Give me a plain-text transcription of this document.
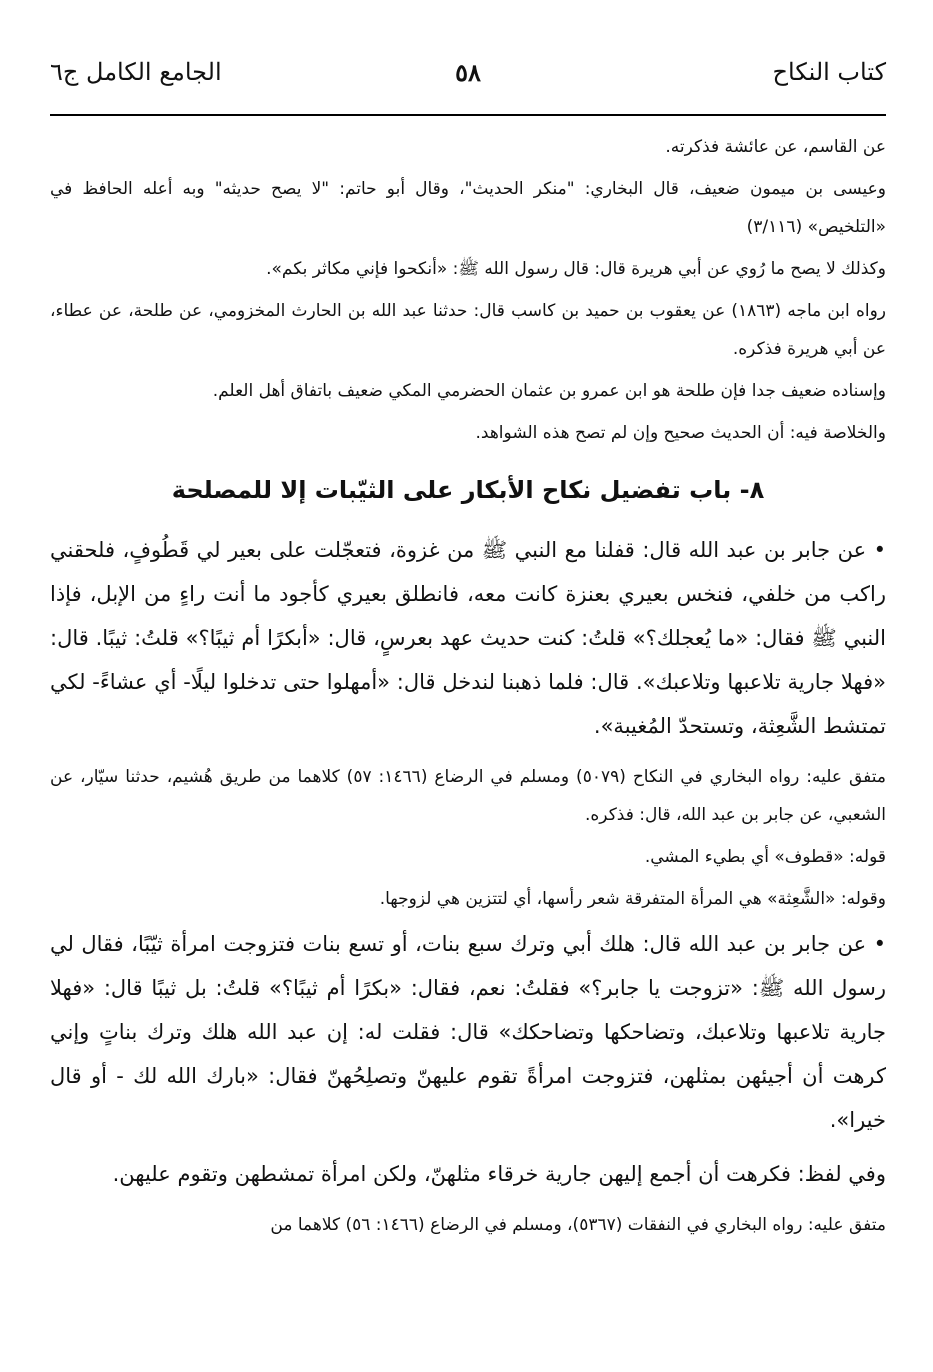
كتاب النكاح
٥٨
الجامع الكامل ج٦

عن القاسم، عن عائشة فذكرته.

وعيسى بن ميمون ضعيف، قال البخاري: "منكر الحديث"، وقال أبو حاتم: "لا يصح حديثه" وبه أعله الحافظ في «التلخيص» (٣/١١٦)

وكذلك لا يصح ما رُوي عن أبي هريرة قال: قال رسول الله ﷺ: «أنكحوا فإني مكاثر بكم».

رواه ابن ماجه (١٨٦٣) عن يعقوب بن حميد بن كاسب قال: حدثنا عبد الله بن الحارث المخزومي، عن طلحة، عن عطاء، عن أبي هريرة فذكره.

وإسناده ضعيف جدا فإن طلحة هو ابن عمرو بن عثمان الحضرمي المكي ضعيف باتفاق أهل العلم.

والخلاصة فيه: أن الحديث صحيح وإن لم تصح هذه الشواهد.

٨- باب تفضيل نكاح الأبكار على الثيّبات إلا للمصلحة

• عن جابر بن عبد الله قال: قفلنا مع النبي ﷺ من غزوة، فتعجّلت على بعير لي قَطُوفٍ، فلحقني راكب من خلفي، فنخس بعيري بعنزة كانت معه، فانطلق بعيري كأجود ما أنت راءٍ من الإبل، فإذا النبي ﷺ فقال: «ما يُعجلك؟» قلتُ: كنت حديث عهد بعرسٍ، قال: «أبكرًا أم ثيبًا؟» قلتُ: ثيبًا. قال: «فهلا جارية تلاعبها وتلاعبك». قال: فلما ذهبنا لندخل قال: «أمهلوا حتى تدخلوا ليلًا- أي عشاءً- لكي تمتشط الشَّعِثة، وتستحدّ المُغيبة».

متفق عليه: رواه البخاري في النكاح (٥٠٧٩) ومسلم في الرضاع (١٤٦٦: ٥٧) كلاهما من طريق هُشيم، حدثنا سيّار، عن الشعبي، عن جابر بن عبد الله، قال: فذكره.

قوله: «قطوف» أي بطيء المشي.

وقوله: «الشَّعِثة» هي المرأة المتفرقة شعر رأسها، أي لتتزين هي لزوجها.

• عن جابر بن عبد الله قال: هلك أبي وترك سبع بنات، أو تسع بنات فتزوجت امرأة ثيّبًا، فقال لي رسول الله ﷺ: «تزوجت يا جابر؟» فقلتُ: نعم، فقال: «بكرًا أم ثيبًا؟» قلتُ: بل ثيبًا قال: «فهلا جارية تلاعبها وتلاعبك، وتضاحكها وتضاحكك» قال: فقلت له: إن عبد الله هلك وترك بناتٍ وإني كرهت أن أجيئهن بمثلهن، فتزوجت امرأةً تقوم عليهنّ وتصلِحُهنّ فقال: «بارك الله لك - أو قال خيرا».

وفي لفظ: فكرهت أن أجمع إليهن جارية خرقاء مثلهنّ، ولكن امرأة تمشطهن وتقوم عليهن.

متفق عليه: رواه البخاري في النفقات (٥٣٦٧)، ومسلم في الرضاع (١٤٦٦: ٥٦) كلاهما من
